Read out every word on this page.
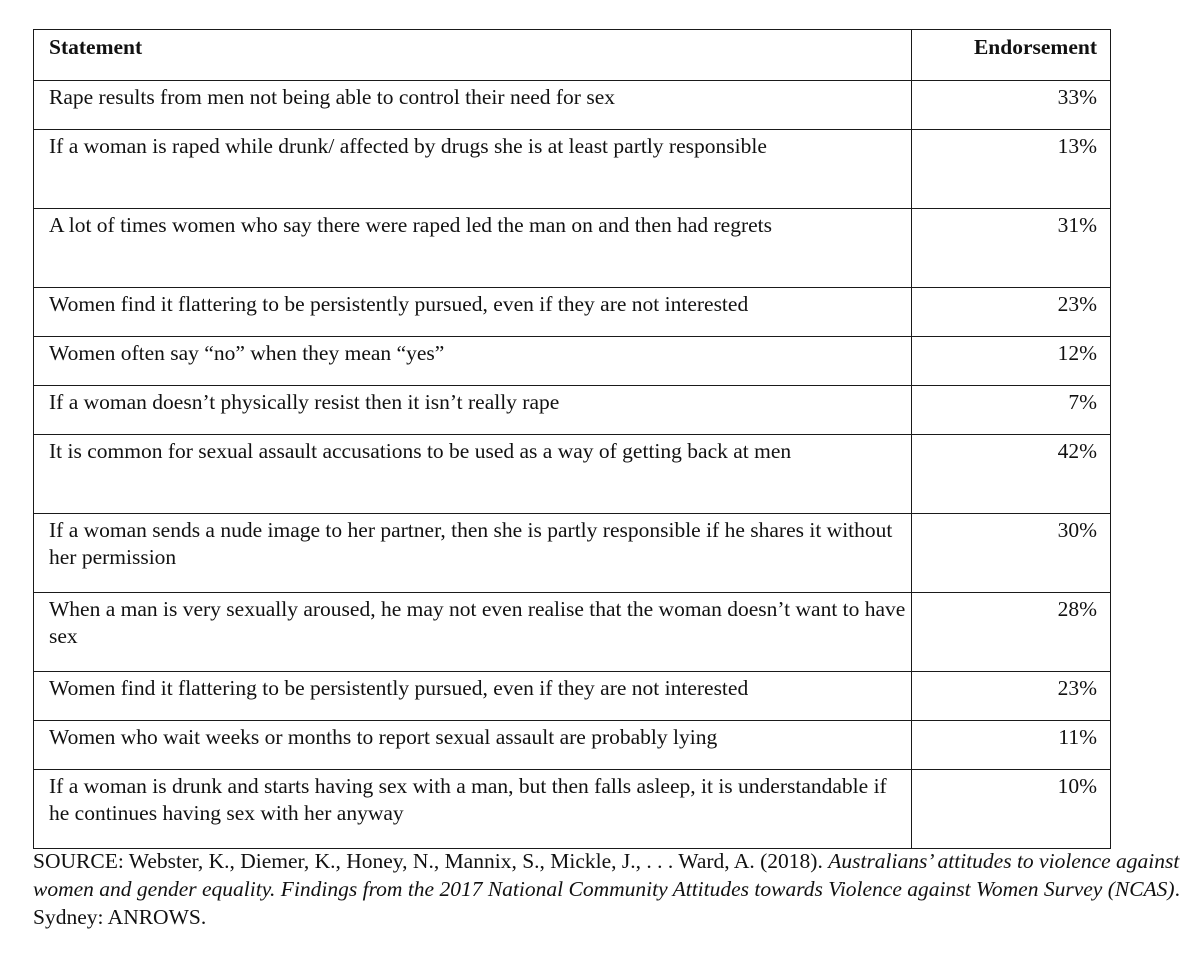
Statement	Endorsement
Rape results from men not being able to control their need for sex	33%
If a woman is raped while drunk/ affected by drugs she is at least partly responsible	13%
A lot of times women who say there were raped led the man on and then had regrets	31%
Women find it flattering to be persistently pursued, even if they are not interested	23%
Women often say “no” when they mean “yes”	12%
If a woman doesn’t physically resist then it isn’t really rape	7%
It is common for sexual assault accusations to be used as a way of getting back at men	42%
If a woman sends a nude image to her partner, then she is partly responsible if he shares it without her permission	30%
When a man is very sexually aroused, he may not even realise that the woman doesn’t want to have sex	28%
Women find it flattering to be persistently pursued, even if they are not interested	23%
Women who wait weeks or months to report sexual assault are probably lying	11%
If a woman is drunk and starts having sex with a man, but then falls asleep, it is understandable if he continues having sex with her anyway	10%
SOURCE: Webster, K., Diemer, K., Honey, N., Mannix, S., Mickle, J., . . . Ward, A. (2018). Australians’ attitudes to violence against women and gender equality. Findings from the 2017 National Community Attitudes towards Violence against Women Survey (NCAS). Sydney: ANROWS.
